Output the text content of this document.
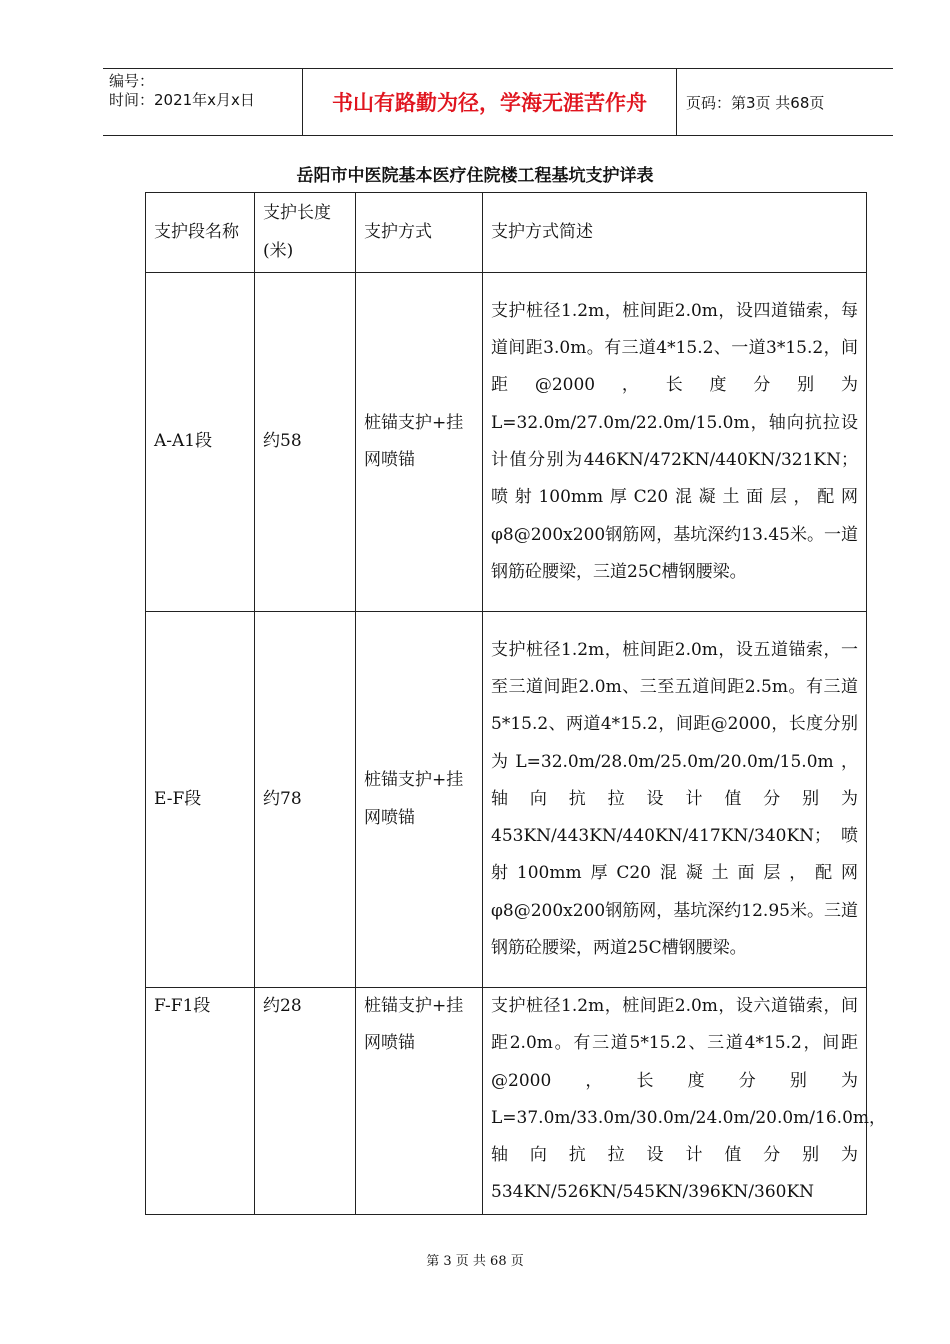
编号：
时间：2021年x月x日	书山有路勤为径，学海无涯苦作舟	页码：第3页 共68页
岳阳市中医院基本医疗住院楼工程基坑支护详表
支护段名称	支护长度(米)	支护方式	支护方式简述
A-A1段	约58	桩锚支护+挂网喷锚	支护桩径1.2m，桩间距2.0m，设四道锚索，每道间距3.0m。有三道4*15.2、一道3*15.2，间距@2000，长度分别为L=32.0m/27.0m/22.0m/15.0m，轴向抗拉设计值分别为446KN/472KN/440KN/321KN；喷射100mm厚C20混凝土面层，配网φ8@200x200钢筋网，基坑深约13.45米。一道钢筋砼腰梁，三道25C槽钢腰梁。
E-F段	约78	桩锚支护+挂网喷锚	支护桩径1.2m，桩间距2.0m，设五道锚索，一至三道间距2.0m、三至五道间距2.5m。有三道5*15.2、两道4*15.2，间距@2000，长度分别为L=32.0m/28.0m/25.0m/20.0m/15.0m，轴向抗拉设计值分别为453KN/443KN/440KN/417KN/340KN；喷射100mm厚C20混凝土面层，配网φ8@200x200钢筋网，基坑深约12.95米。三道钢筋砼腰梁，两道25C槽钢腰梁。
F-F1段	约28	桩锚支护+挂网喷锚	支护桩径1.2m，桩间距2.0m，设六道锚索，间距2.0m。有三道5*15.2、三道4*15.2，间距@2000，长度分别为L=37.0m/33.0m/30.0m/24.0m/20.0m/16.0m，轴向抗拉设计值分别为534KN/526KN/545KN/396KN/360KN
第 3 页 共 68 页
